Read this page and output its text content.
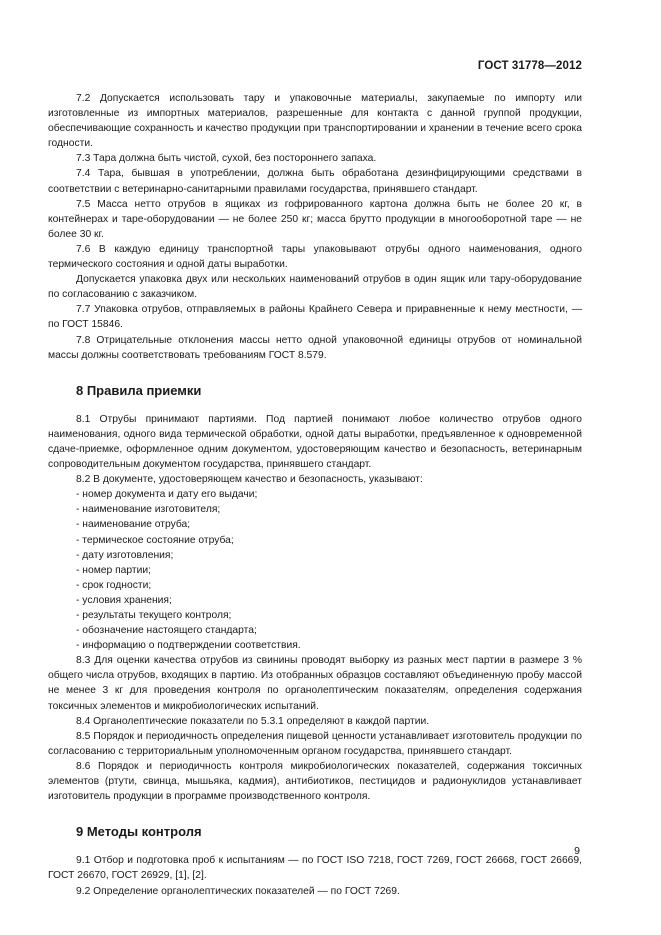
ГОСТ 31778—2012

7.2 Допускается использовать тару и упаковочные материалы, закупаемые по импорту или изготовленные из импортных материалов, разрешенные для контакта с данной группой продукции, обеспечивающие сохранность и качество продукции при транспортировании и хранении в течение всего срока годности.

7.3 Тара должна быть чистой, сухой, без постороннего запаха.

7.4 Тара, бывшая в употреблении, должна быть обработана дезинфицирующими средствами в соответствии с ветеринарно-санитарными правилами государства, принявшего стандарт.

7.5 Масса нетто отрубов в ящиках из гофрированного картона должна быть не более 20 кг, в контейнерах и таре-оборудовании — не более 250 кг; масса брутто продукции в многооборотной таре — не более 30 кг.

7.6 В каждую единицу транспортной тары упаковывают отрубы одного наименования, одного термического состояния и одной даты выработки.

Допускается упаковка двух или нескольких наименований отрубов в один ящик или тару-оборудование по согласованию с заказчиком.

7.7 Упаковка отрубов, отправляемых в районы Крайнего Севера и приравненные к нему местности, — по ГОСТ 15846.

7.8 Отрицательные отклонения массы нетто одной упаковочной единицы отрубов от номинальной массы должны соответствовать требованиям ГОСТ 8.579.

8 Правила приемки

8.1 Отрубы принимают партиями. Под партией понимают любое количество отрубов одного наименования, одного вида термической обработки, одной даты выработки, предъявленное к одновременной сдаче-приемке, оформленное одним документом, удостоверяющим качество и безопасность, ветеринарным сопроводительным документом государства, принявшего стандарт.

8.2 В документе, удостоверяющем качество и безопасность, указывают:

- номер документа и дату его выдачи;

- наименование изготовителя;

- наименование отруба;

- термическое состояние отруба;

- дату изготовления;

- номер партии;

- срок годности;

- условия хранения;

- результаты текущего контроля;

- обозначение настоящего стандарта;

- информацию о подтверждении соответствия.

8.3 Для оценки качества отрубов из свинины проводят выборку из разных мест партии в размере 3 % общего числа отрубов, входящих в партию. Из отобранных образцов составляют объединенную пробу массой не менее 3 кг для проведения контроля по органолептическим показателям, определения содержания токсичных элементов и микробиологических испытаний.

8.4 Органолептические показатели по 5.3.1 определяют в каждой партии.

8.5 Порядок и периодичность определения пищевой ценности устанавливает изготовитель продукции по согласованию с территориальным уполномоченным органом государства, принявшего стандарт.

8.6 Порядок и периодичность контроля микробиологических показателей, содержания токсичных элементов (ртути, свинца, мышьяка, кадмия), антибиотиков, пестицидов и радионуклидов устанавливает изготовитель продукции в программе производственного контроля.

9 Методы контроля

9.1 Отбор и подготовка проб к испытаниям — по ГОСТ ISO 7218, ГОСТ 7269, ГОСТ 26668, ГОСТ 26669, ГОСТ 26670, ГОСТ 26929, [1], [2].

9.2 Определение органолептических показателей — по ГОСТ 7269.

9
